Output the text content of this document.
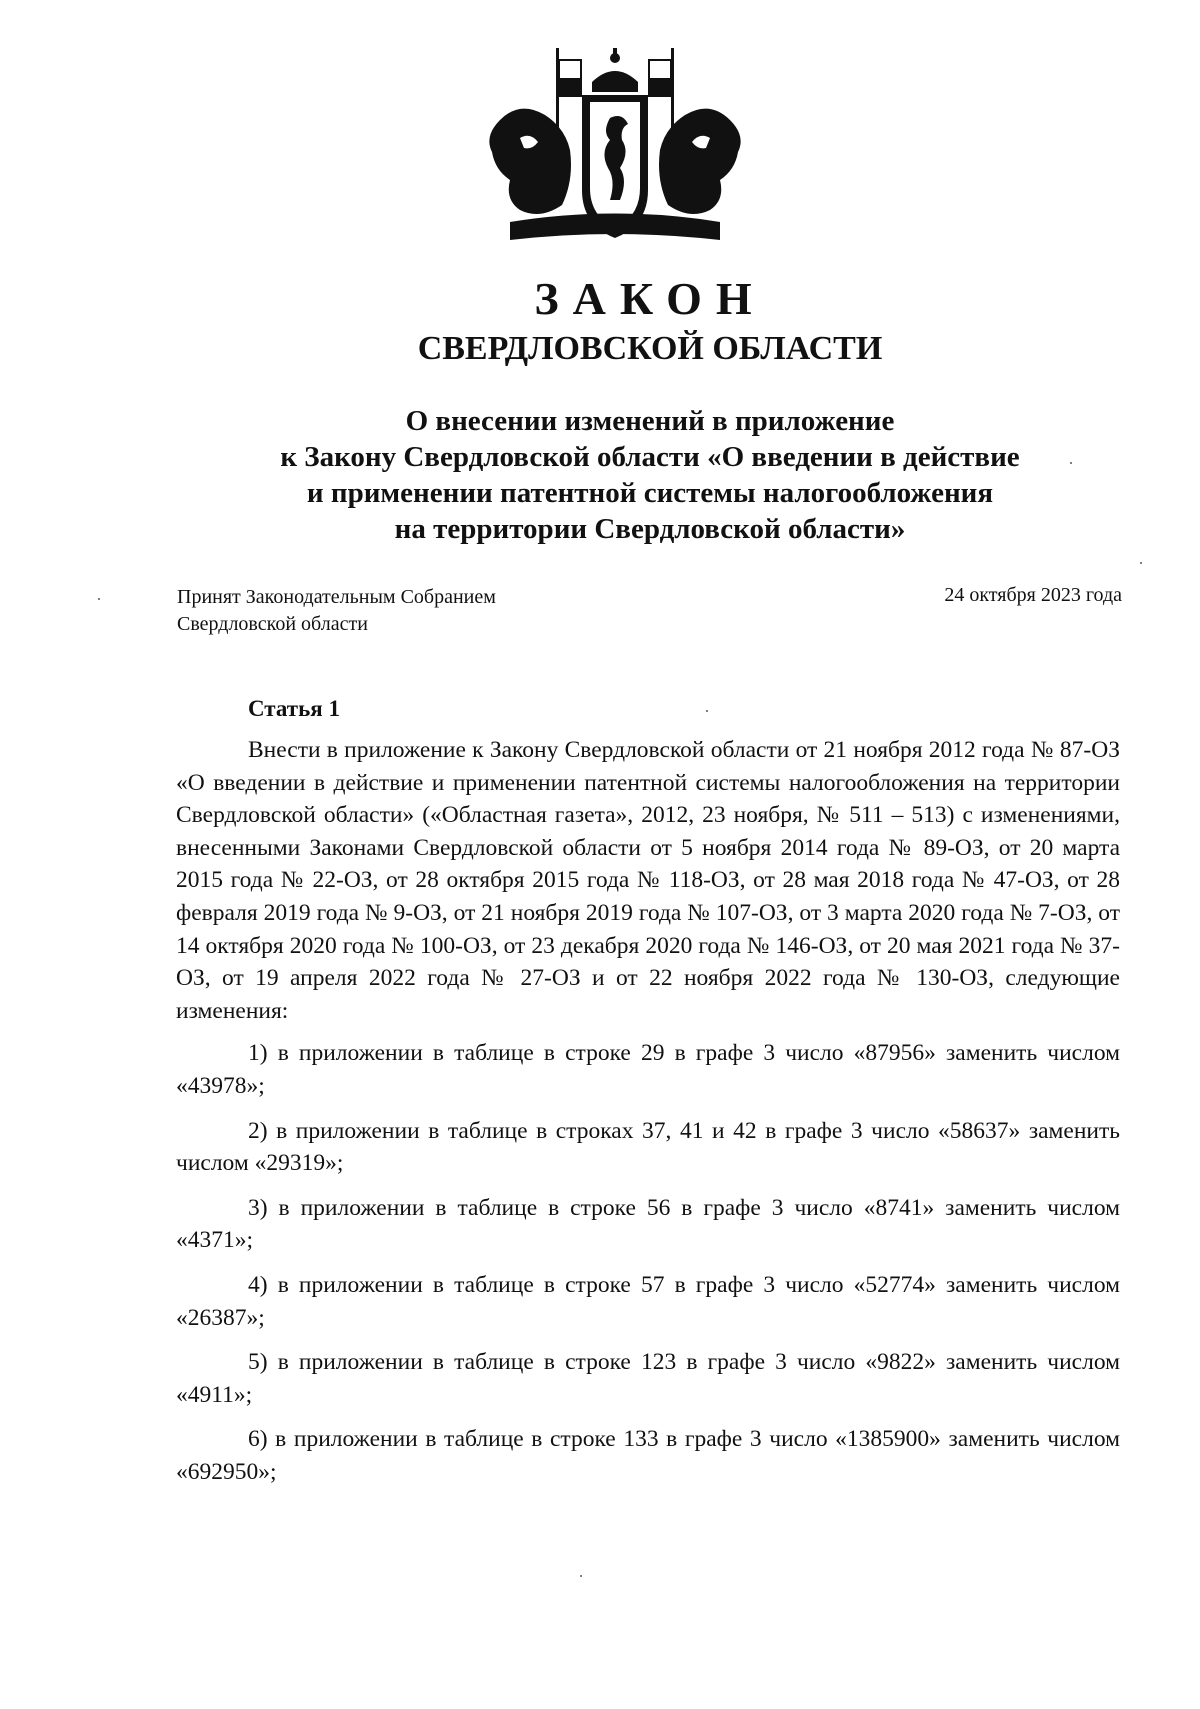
ЗАКОН
СВЕРДЛОВСКОЙ ОБЛАСТИ
О внесении изменений в приложение
к Закону Свердловской области «О введении в действие
и применении патентной системы налогообложения
на территории Свердловской области»
Принят Законодательным Собранием
Свердловской области
24 октября 2023 года
Статья 1

Внести в приложение к Закону Свердловской области от 21 ноября 2012 года № 87-ОЗ «О введении в действие и применении патентной системы налогообложения на территории Свердловской области» («Областная газета», 2012, 23 ноября, № 511 – 513) с изменениями, внесенными Законами Свердловской области от 5 ноября 2014 года № 89-ОЗ, от 20 марта 2015 года № 22-ОЗ, от 28 октября 2015 года № 118-ОЗ, от 28 мая 2018 года № 47-ОЗ, от 28 февраля 2019 года № 9-ОЗ, от 21 ноября 2019 года № 107-ОЗ, от 3 марта 2020 года № 7-ОЗ, от 14 октября 2020 года № 100-ОЗ, от 23 декабря 2020 года № 146-ОЗ, от 20 мая 2021 года № 37-ОЗ, от 19 апреля 2022 года № 27-ОЗ и от 22 ноября 2022 года № 130-ОЗ, следующие изменения:

1) в приложении в таблице в строке 29 в графе 3 число «87956» заменить числом «43978»;

2) в приложении в таблице в строках 37, 41 и 42 в графе 3 число «58637» заменить числом «29319»;

3) в приложении в таблице в строке 56 в графе 3 число «8741» заменить числом «4371»;

4) в приложении в таблице в строке 57 в графе 3 число «52774» заменить числом «26387»;

5) в приложении в таблице в строке 123 в графе 3 число «9822» заменить числом «4911»;

6) в приложении в таблице в строке 133 в графе 3 число «1385900» заменить числом «692950»;
